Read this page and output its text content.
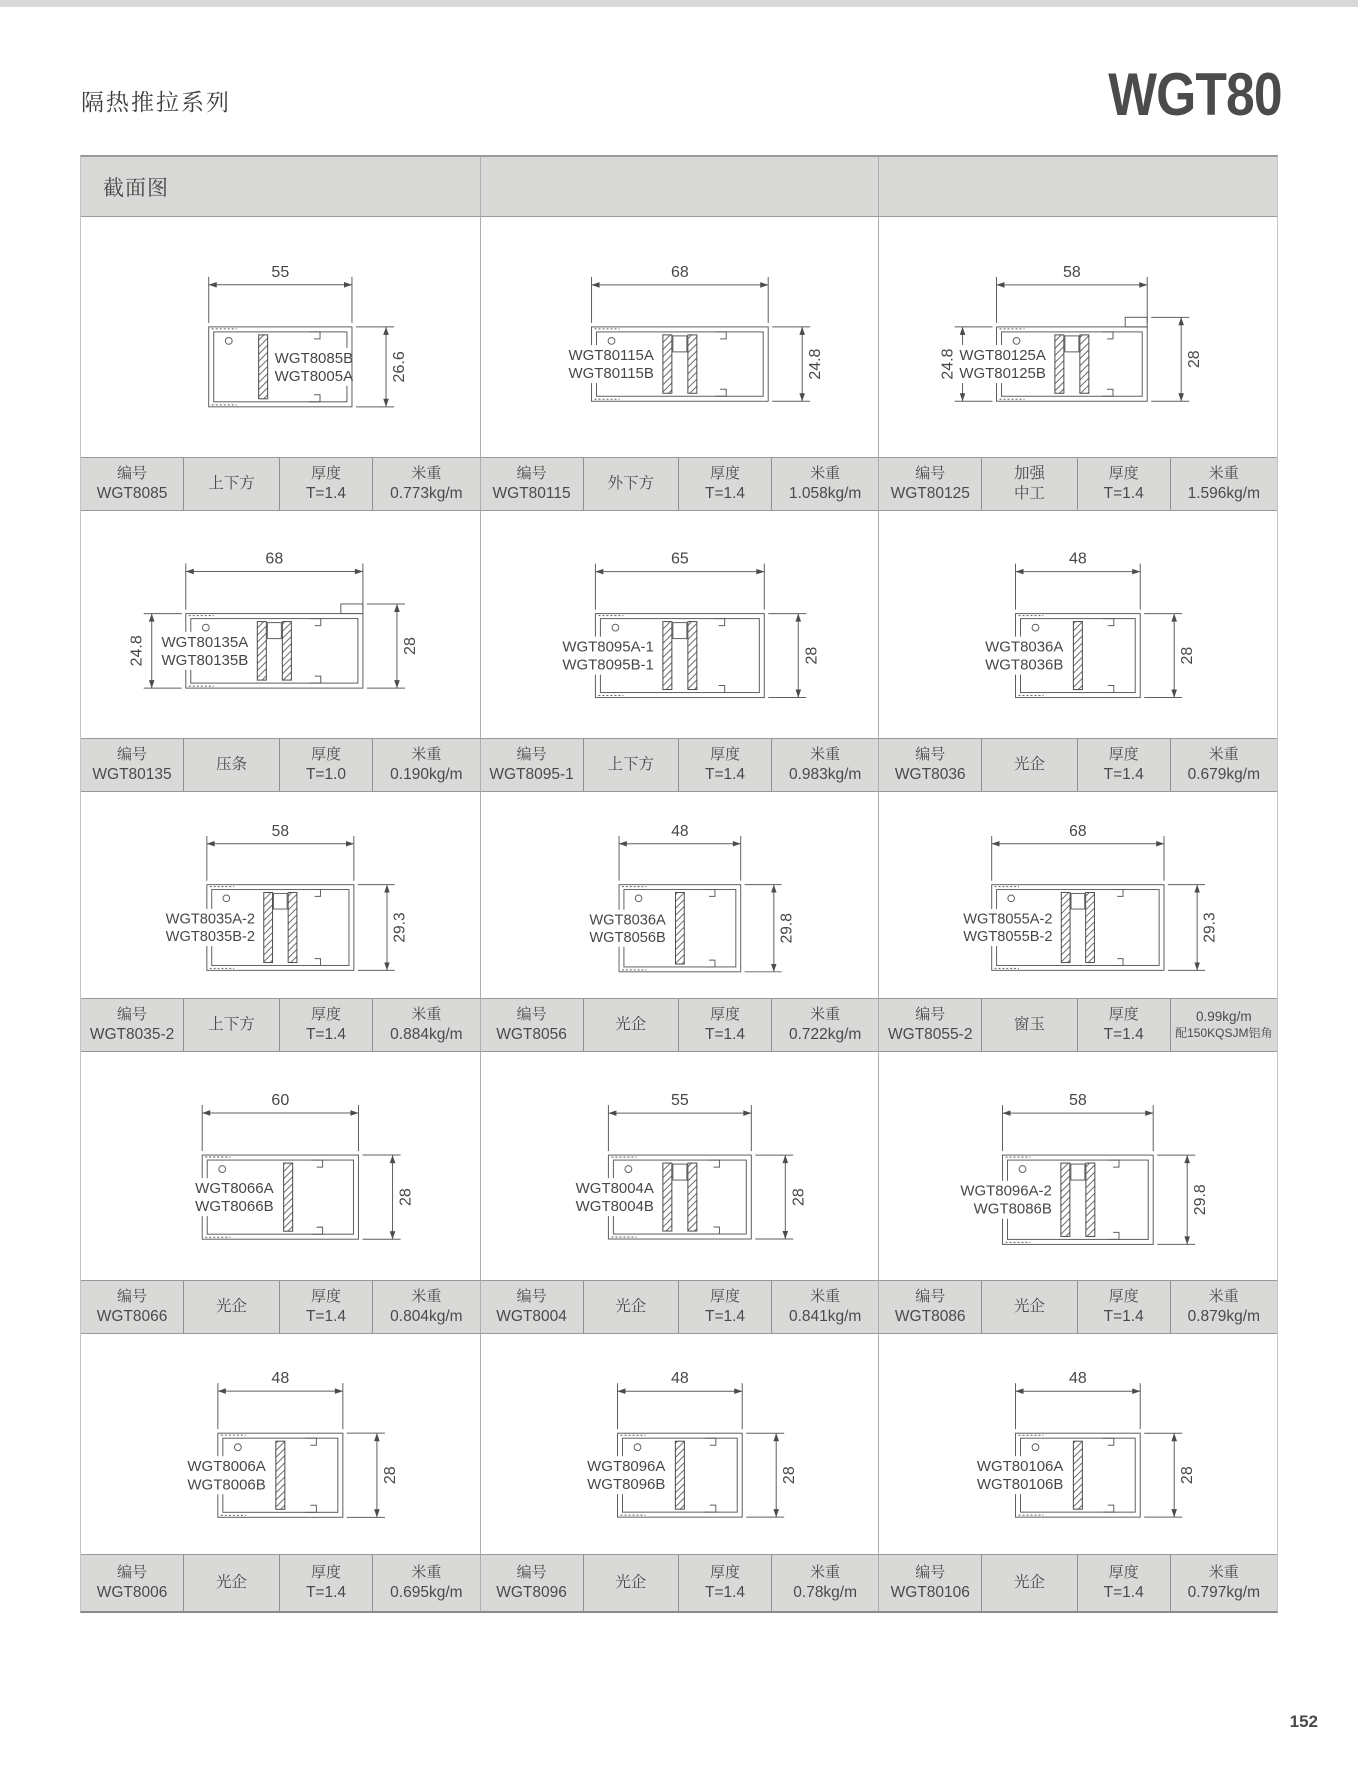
隔热推拉系列	WGT80
截面图
55
26.6
WGT8085B
WGT8005A
68
24.8
WGT80115A
WGT80115B
58
28
24.8 WGT80125A
WGT80125B
编号
WGT8085
上下方
厚度
T=1.4
米重
0.773kg/m
编号
WGT80115
外下方
厚度
T=1.4
米重
1.058kg/m
编号
WGT80125
加强
中工
厚度
T=1.4
米重
1.596kg/m
68
28
24.8 WGT80135A
WGT80135B
65
28
WGT8095A-1
WGT8095B-1
48
28
WGT8036A
WGT8036B
编号
WGT80135
压条
厚度
T=1.0
米重
0.190kg/m
编号
WGT8095-1
上下方
厚度
T=1.4
米重
0.983kg/m
编号
WGT8036
光企
厚度
T=1.4
米重
0.679kg/m
58
29.3
WGT8035A-2
WGT8035B-2
48
29.8
WGT8036A
WGT8056B
68
29.3
WGT8055A-2
WGT8055B-2
编号
WGT8035-2
上下方
厚度
T=1.4
米重
0.884kg/m
编号
WGT8056
光企
厚度
T=1.4
米重
0.722kg/m
编号
WGT8055-2
窗玉
厚度
T=1.4
0.99kg/m
配150KQSJM铝角
60
28
WGT8066A
WGT8066B
55
28
WGT8004A
WGT8004B
58
29.8
WGT8096A-2
WGT8086B
编号
WGT8066
光企
厚度
T=1.4
米重
0.804kg/m
编号
WGT8004
光企
厚度
T=1.4
米重
0.841kg/m
编号
WGT8086
光企
厚度
T=1.4
米重
0.879kg/m
48
28
WGT8006A
WGT8006B
48
28
WGT8096A
WGT8096B
48
28
WGT80106A
WGT80106B
编号
WGT8006
光企
厚度
T=1.4
米重
0.695kg/m
编号
WGT8096
光企
厚度
T=1.4
米重
0.78kg/m
编号
WGT80106
光企
厚度
T=1.4
米重
0.797kg/m
152
